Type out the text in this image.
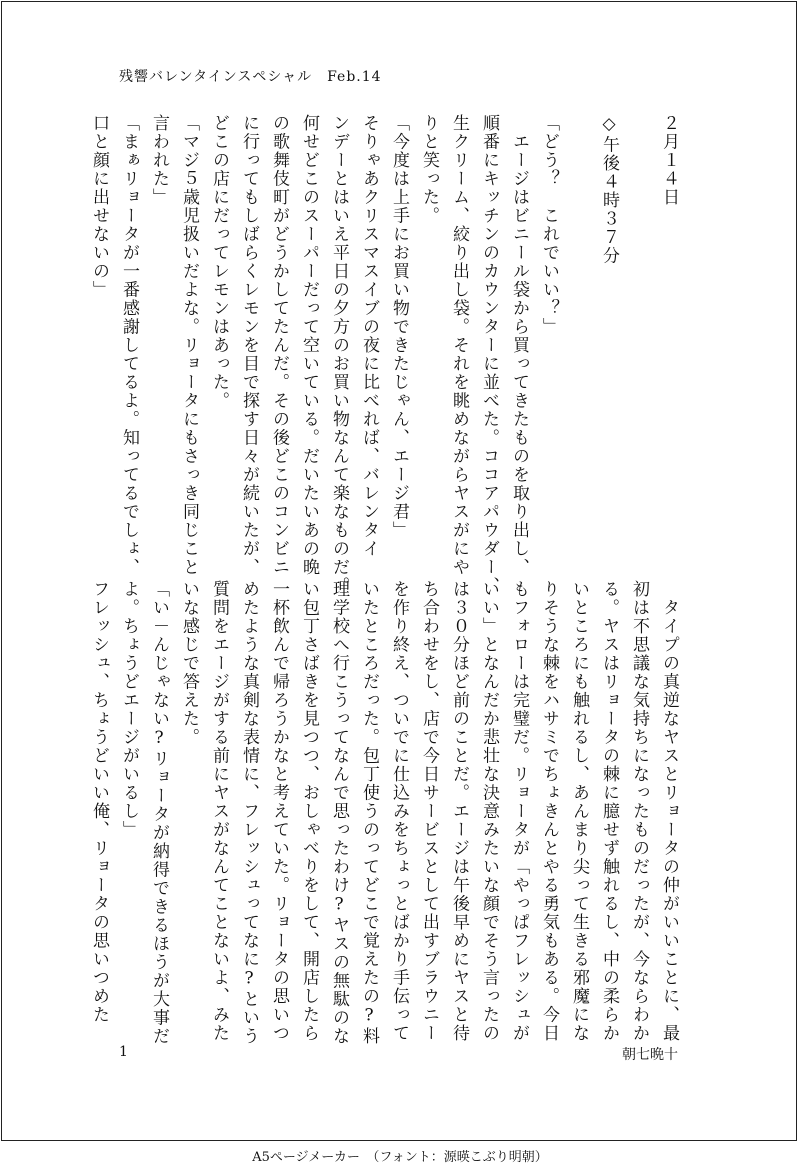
残響バレンタインスペシャル　Feb.14

２月１４日

◇午後４時３７分

「どう？　これでいい？」

　エージはビニール袋から買ってきたものを取り出し、

順番にキッチンのカウンターに並べた。ココアパウダー、

生クリーム、絞り出し袋。それを眺めながらヤスがにや

りと笑った。

「今度は上手にお買い物できたじゃん、エージ君」

そりゃあクリスマスイブの夜に比べれば、バレンタイ

ンデーとはいえ平日の夕方のお買い物なんて楽なものだ。

何せどこのスーパーだって空いている。だいたいあの晩

の歌舞伎町がどうかしてたんだ。その後どこのコンビニ

に行ってもしばらくレモンを目で探す日々が続いたが、

どこの店にだってレモンはあった。

「マジ５歳児扱いだよな。リョータにもさっき同じこと

言われた」

「まぁリョータが一番感謝してるよ。知ってるでしょ、

口と顔に出せないの」

　タイプの真逆なヤスとリョータの仲がいいことに、最

初は不思議な気持ちになったものだったが、今ならわか

る。ヤスはリョータの棘に臆せず触れるし、中の柔らか

いところにも触れるし、あんまり尖って生きる邪魔にな

りそうな棘をハサミでちょきんとやる勇気もある。今日

もフォローは完璧だ。リョータが「やっぱフレッシュが

いい」となんだか悲壮な決意みたいな顔でそう言ったの

は３０分ほど前のことだ。エージは午後早めにヤスと待

ち合わせをし、店で今日サービスとして出すブラウニー

を作り終え、ついでに仕込みをちょっとばかり手伝って

いたところだった。包丁使うのってどこで覚えたの?料

理学校へ行こうってなんで思ったわけ?ヤスの無駄のな

い包丁さばきを見つつ、おしゃべりをして、開店したら

一杯飲んで帰ろうかなと考えていた。リョータの思いつ

めたような真剣な表情に、フレッシュってなに?という

質問をエージがする前にヤスがなんてことないよ、みた

いな感じで答えた。

「い－んじゃない?リョータが納得できるほうが大事だ

よ。ちょうどエージがいるし」

フレッシュ、ちょうどいい俺、リョータの思いつめた

1	朝七晩十
A5ページメーカー　（フォント：源暎こぶり明朝）
